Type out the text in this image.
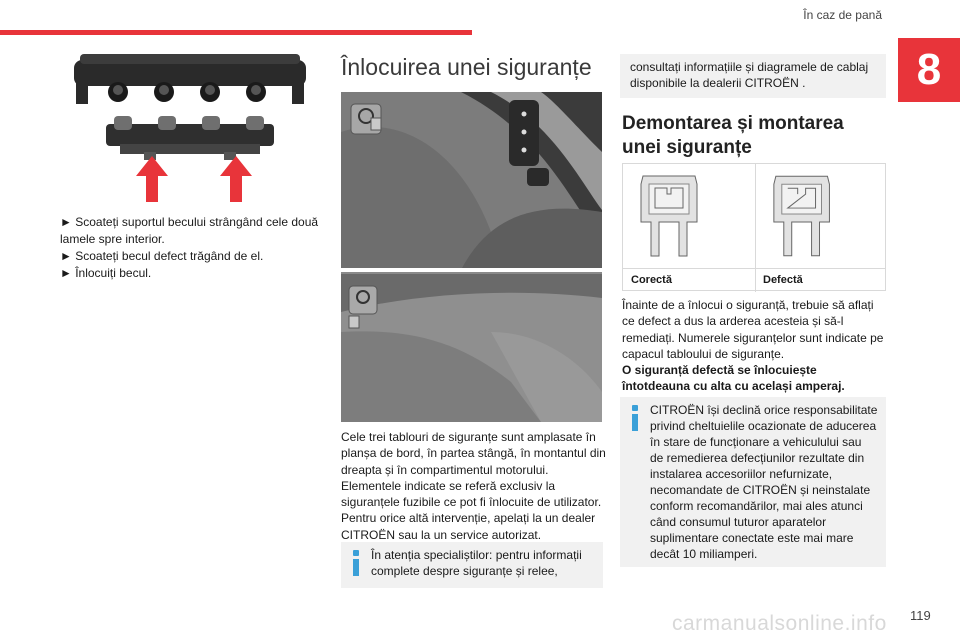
În caz de pană
8

► Scoateți suportul becului strângând cele două lamele spre interior.

► Scoateți becul defect trăgând de el.

► Înlocuiți becul.

Înlocuirea unei siguranțe
Cele trei tablouri de siguranțe sunt amplasate în planșa de bord, în partea stângă, în montantul din dreapta și în compartimentul motorului. Elementele indicate se referă exclusiv la siguranțele fuzibile ce pot fi înlocuite de utilizator. Pentru orice altă intervenție, apelați la un dealer CITROËN sau la un service autorizat.
În atenția specialiștilor: pentru informații complete despre siguranțe și relee,
consultați informațiile și diagramele de cablaj disponibile la dealerii CITROËN .
Demontarea și montarea unei siguranțe
Corectă	Defectă
Înainte de a înlocui o siguranță, trebuie să aflați ce defect a dus la arderea acesteia și să-l remediați. Numerele siguranțelor sunt indicate pe capacul tabloului de siguranțe.
O siguranță defectă se înlocuiește întotdeauna cu alta cu același amperaj.
CITROËN își declină orice responsabilitate privind cheltuielile ocazionate de aducerea în stare de funcționare a vehiculului sau de remedierea defecțiunilor rezultate din instalarea accesoriilor nefurnizate, necomandate de CITROËN și neinstalate conform recomandărilor, mai ales atunci când consumul tuturor aparatelor suplimentare conectate este mai mare decât 10 miliamperi.
carmanualsonline.info 119
